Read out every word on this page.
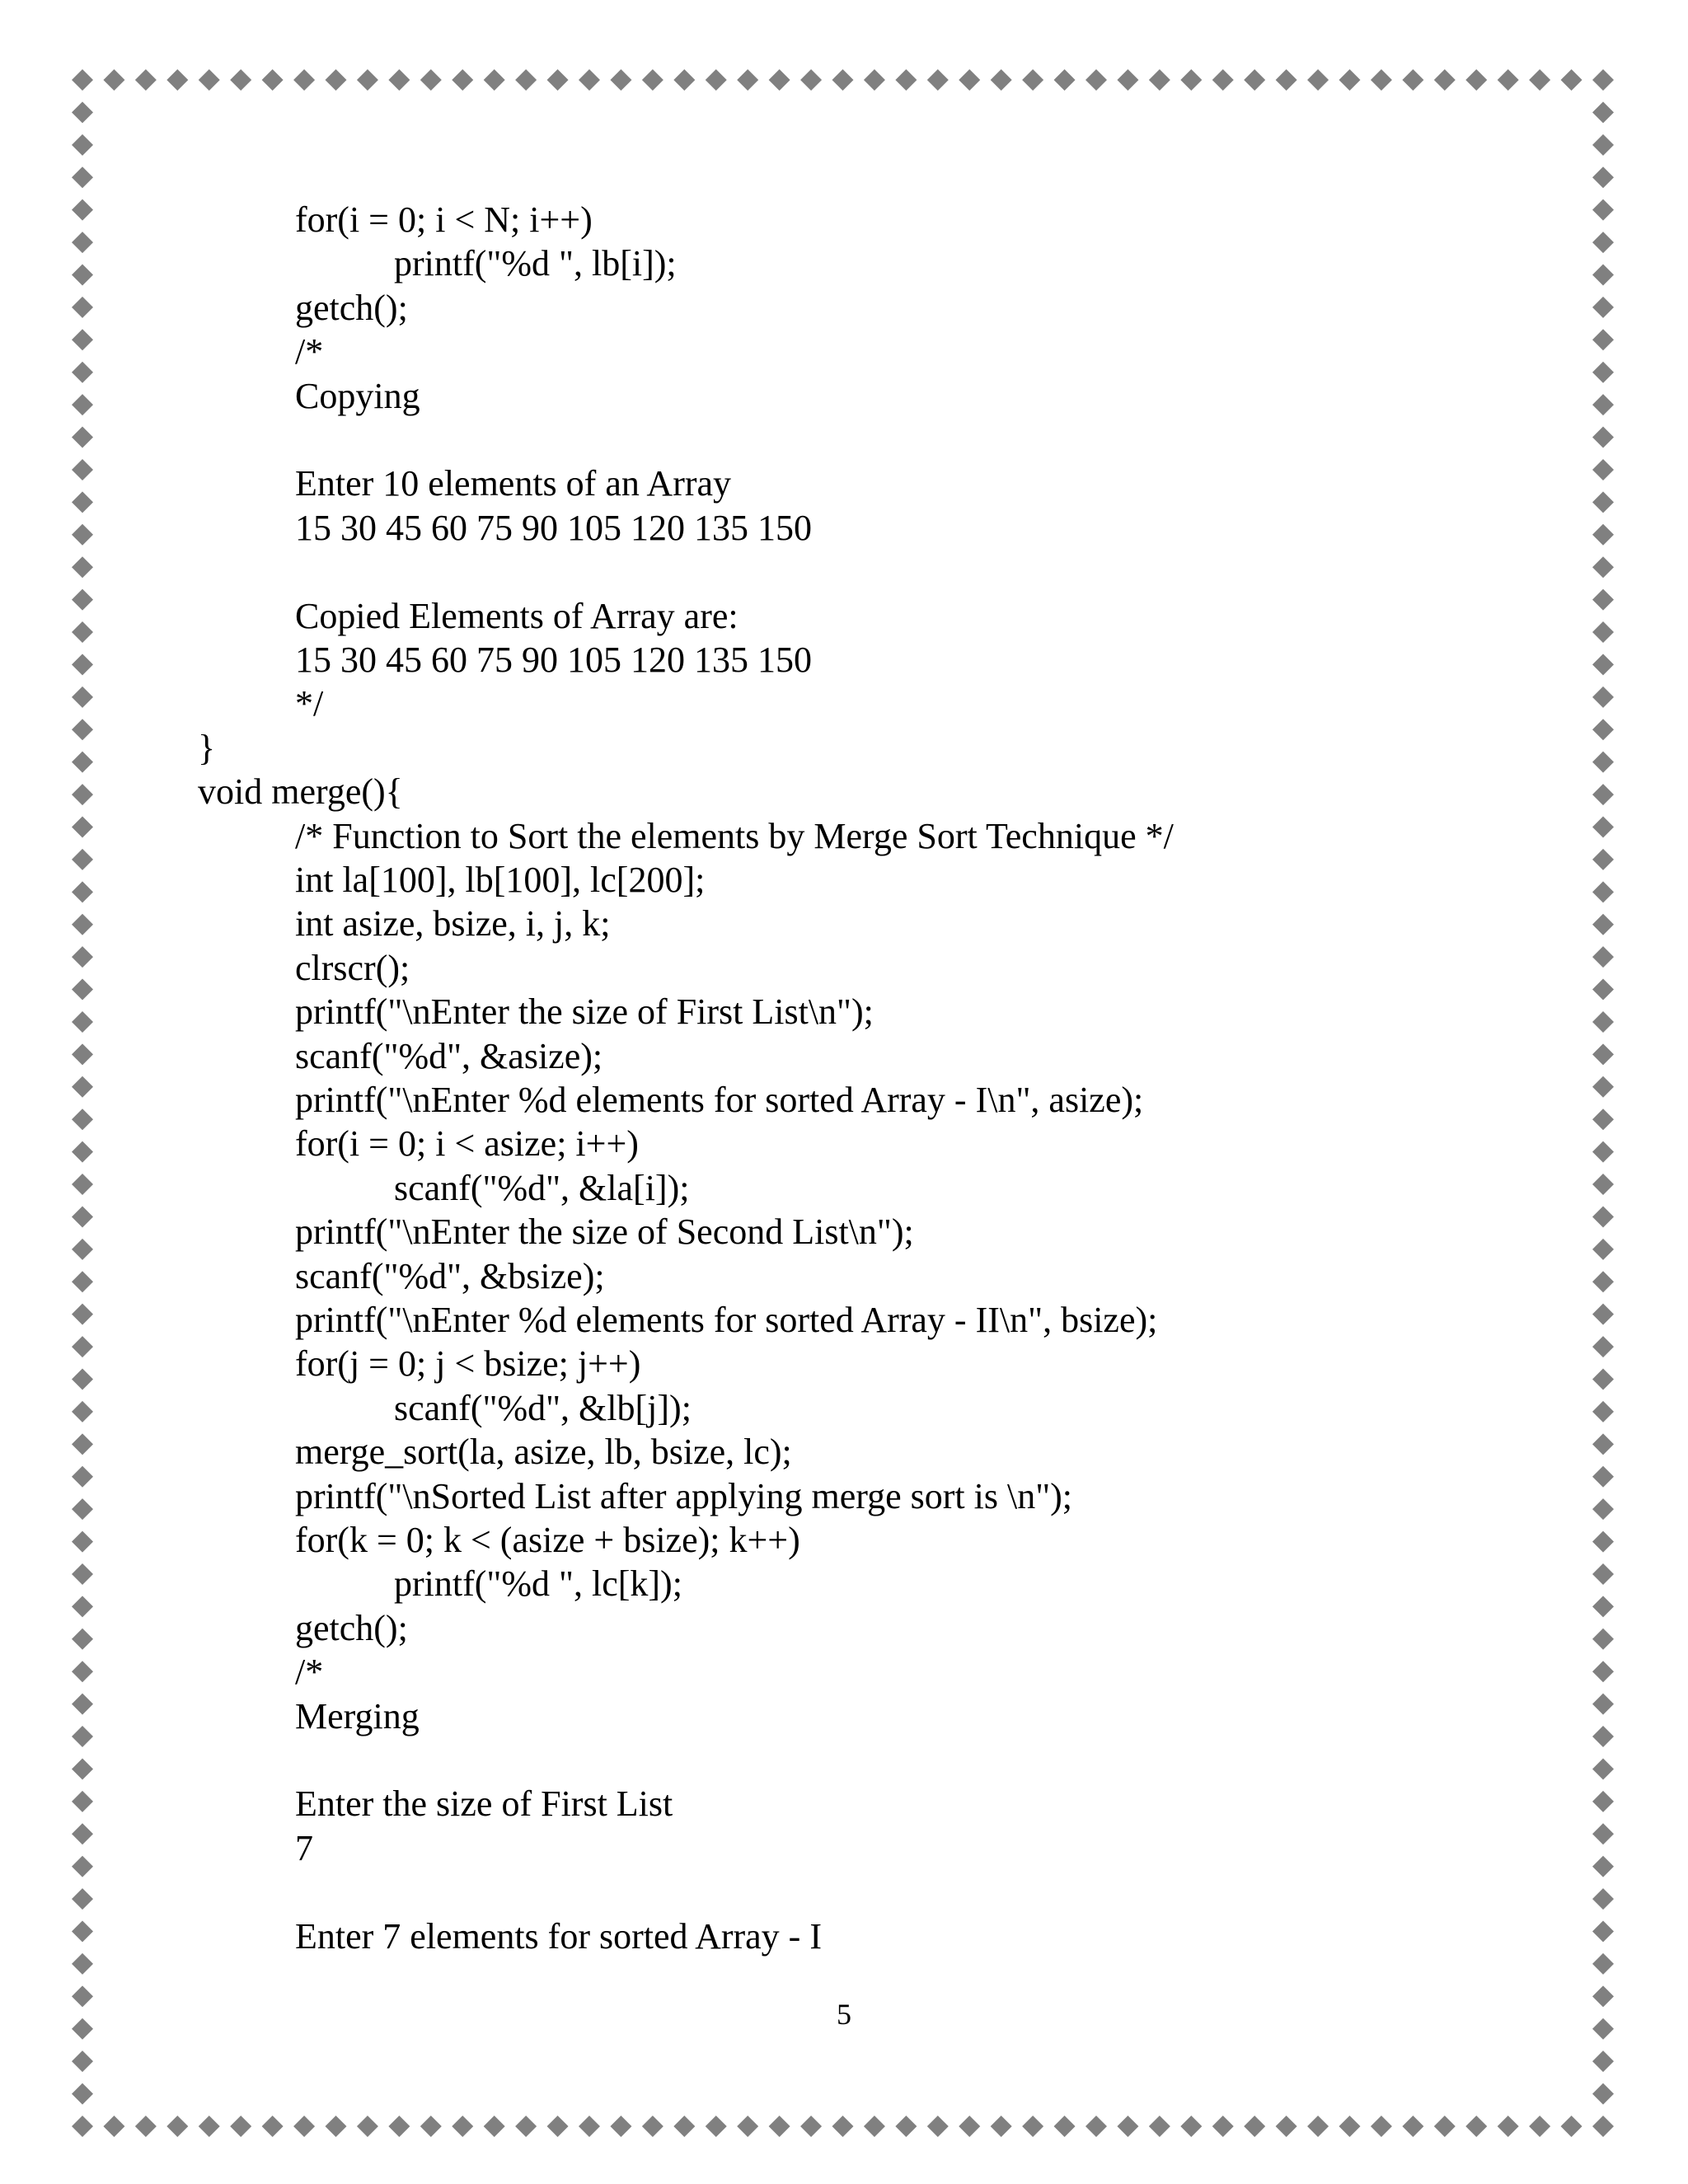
for(i = 0; i < N; i++)
printf("%d ", lb[i]);
getch();
/*
Copying
Enter 10 elements of an Array
15 30 45 60 75 90 105 120 135 150
Copied Elements of Array are:
15 30 45 60 75 90 105 120 135 150
*/
}
void merge(){
/* Function to Sort the elements by Merge Sort Technique */
int la[100], lb[100], lc[200];
int asize, bsize, i, j, k;
clrscr();
printf("\nEnter the size of First List\n");
scanf("%d", &asize);
printf("\nEnter %d elements for sorted Array - I\n", asize);
for(i = 0; i < asize; i++)
scanf("%d", &la[i]);
printf("\nEnter the size of Second List\n");
scanf("%d", &bsize);
printf("\nEnter %d elements for sorted Array - II\n", bsize);
for(j = 0; j < bsize; j++)
scanf("%d", &lb[j]);
merge_sort(la, asize, lb, bsize, lc);
printf("\nSorted List after applying merge sort is \n");
for(k = 0; k < (asize + bsize); k++)
printf("%d ", lc[k]);
getch();
/*
Merging
Enter the size of First List
7
Enter 7 elements for sorted Array - I
5
